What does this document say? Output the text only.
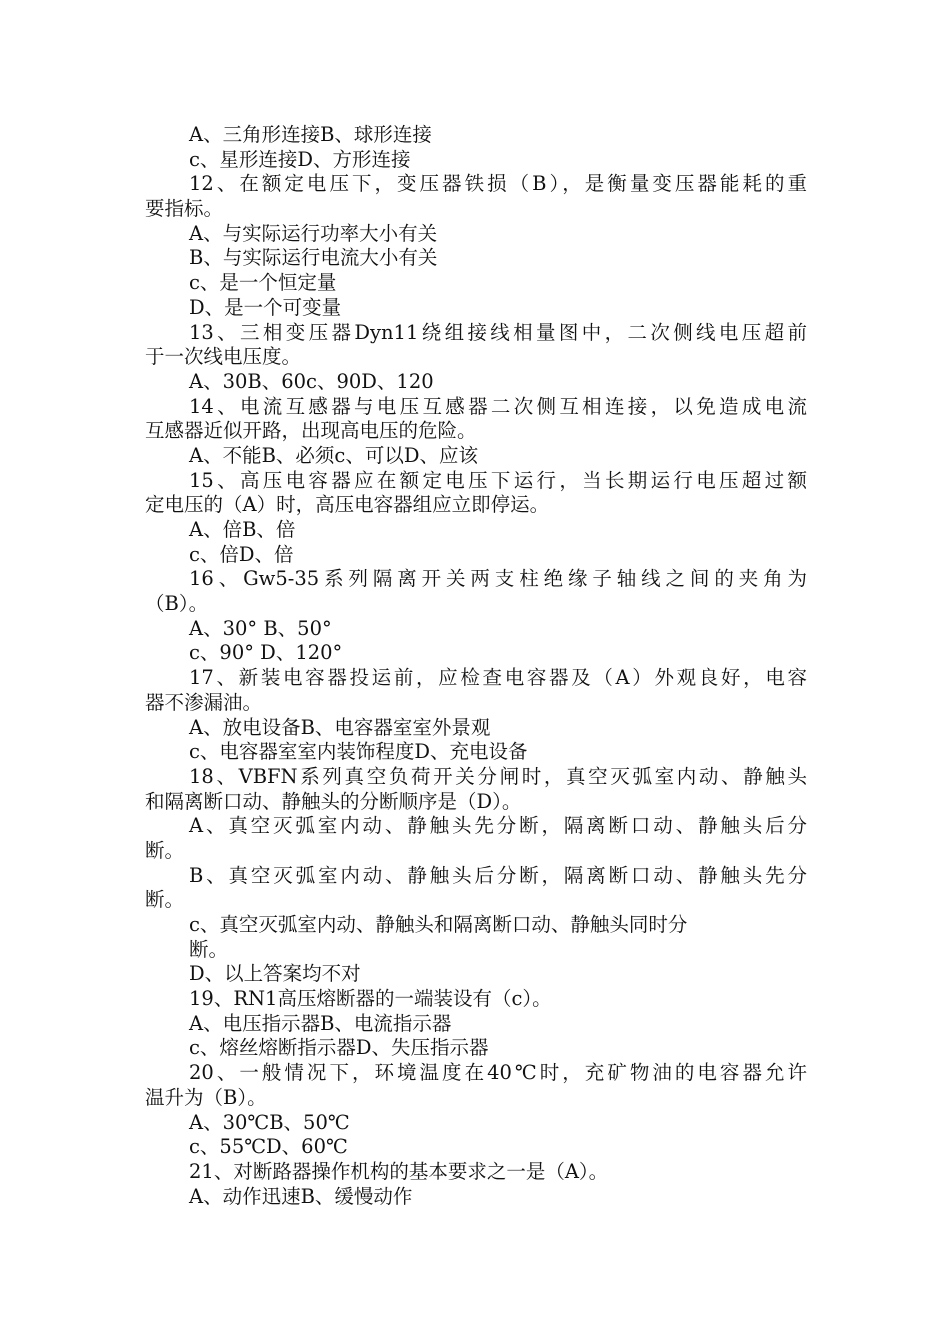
A、三角形连接B、球形连接
c、星形连接D、方形连接
12、在额定电压下，变压器铁损（B），是衡量变压器能耗的重
要指标。
A、与实际运行功率大小有关
B、与实际运行电流大小有关
c、是一个恒定量
D、是一个可变量
13、三相变压器Dyn11绕组接线相量图中，二次侧线电压超前
于一次线电压度。
A、30B、60c、90D、120
14、电流互感器与电压互感器二次侧互相连接，以免造成电流
互感器近似开路，出现高电压的危险。
A、不能B、必须c、可以D、应该
15、高压电容器应在额定电压下运行，当长期运行电压超过额
定电压的（A）时，高压电容器组应立即停运。
A、倍B、倍
c、倍D、倍
16、Gw5-35系列隔离开关两支柱绝缘子轴线之间的夹角为
（B）。
A、30° B、50°
c、90° D、120°
17、新装电容器投运前，应检查电容器及（A）外观良好，电容
器不渗漏油。
A、放电设备B、电容器室室外景观
c、电容器室室内装饰程度D、充电设备
18、VBFN系列真空负荷开关分闸时，真空灭弧室内动、静触头
和隔离断口动、静触头的分断顺序是（D）。
A、真空灭弧室内动、静触头先分断，隔离断口动、静触头后分
断。
B、真空灭弧室内动、静触头后分断，隔离断口动、静触头先分
断。
c、真空灭弧室内动、静触头和隔离断口动、静触头同时分
断。
D、以上答案均不对
19、RN1高压熔断器的一端装设有（c）。
A、电压指示器B、电流指示器
c、熔丝熔断指示器D、失压指示器
20、一般情况下，环境温度在40℃时，充矿物油的电容器允许
温升为（B）。
A、30℃B、50℃
c、55℃D、60℃
21、对断路器操作机构的基本要求之一是（A）。
A、动作迅速B、缓慢动作
